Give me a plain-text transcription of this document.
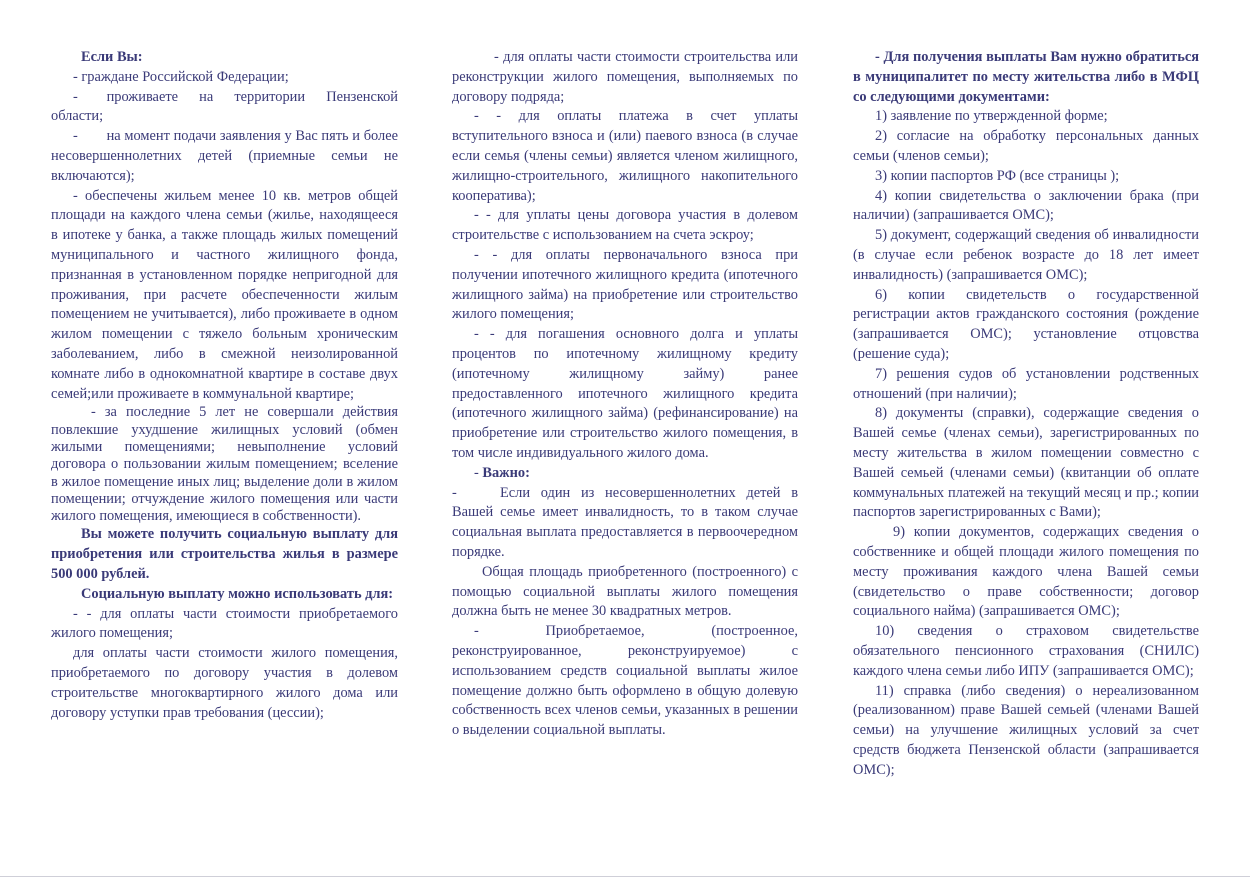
Если Вы:

- граждане Российской Федерации;

-  проживаете на территории Пензенской области;

-  на момент подачи заявления у Вас пять и более несовершеннолетних детей (приемные семьи не включаются);

- обеспечены жильем менее 10 кв. метров общей площади на каждого члена семьи (жилье, находящееся в ипотеке у банка, а также площадь жилых помещений муниципального и частного жилищного фонда, признанная в установленном порядке непригодной для проживания, при расчете обеспеченности жилым помещением не учитывается), либо проживаете в одном жилом помещении с тяжело больным хроническим заболеванием, либо в смежной неизолированной комнате либо в однокомнатной квартире в составе двух семей;или проживаете в коммунальной квартире;

- за последние 5 лет не совершали действия повлекшие ухудшение жилищных условий (обмен жилыми помещениями; невыполнение условий договора о пользовании жилым помещением; вселение в жилое помещение иных лиц; выделение доли в жилом помещении; отчуждение жилого помещения или части жилого помещения, имеющиеся в собственности).

Вы можете получить социальную выплату для приобретения или строительства жилья в размере 500 000 рублей.

Социальную выплату можно использовать для:

- - для оплаты части стоимости приобретаемого жилого помещения;

для оплаты части стоимости жилого помещения, приобретаемого по договору участия в долевом строительстве многоквартирного жилого дома или договору уступки прав требования (цессии);

- для оплаты части стоимости строительства или реконструкции жилого помещения, выполняемых по договору подряда;

- - для оплаты платежа в счет уплаты вступительного взноса и (или) паевого взноса (в случае если семья (члены семьи) является членом жилищного, жилищно-строительного, жилищного накопительного кооператива);

- - для уплаты цены договора участия в долевом строительстве с использованием на счета эскроу;

- - для оплаты первоначального взноса при получении ипотечного жилищного кредита (ипотечного жилищного займа) на приобретение или строительство жилого помещения;

- - для погашения основного долга и уплаты процентов по ипотечному жилищному кредиту (ипотечному жилищному займу) ранее предоставленного ипотечного жилищного кредита (ипотечного жилищного займа) (рефинансирование) на приобретение или строительство жилого помещения, в том числе индивидуального жилого дома.

- Важно:

-   Если один из несовершеннолетних детей в Вашей семье имеет инвалидность, то в таком случае социальная выплата предоставляется в первоочередном порядке.

Общая площадь приобретенного (построенного) с помощью социальной выплаты жилого помещения должна быть не менее 30 квадратных метров.

- Приобретаемое, (построенное, реконструированное, реконструируемое) с использованием средств социальной выплаты жилое помещение должно быть оформлено в общую долевую собственность всех членов семьи, указанных в решении о выделении социальной выплаты.

- Для получения выплаты Вам нужно обратиться в муниципалитет по месту жительства либо в МФЦ со следующими документами:

1) заявление по утвержденной форме;

2) согласие на обработку персональных данных семьи (членов семьи);

3) копии паспортов РФ (все страницы );

4) копии свидетельства о заключении брака (при наличии) (запрашивается ОМС);

5) документ, содержащий сведения об инвалидности (в случае если ребенок возрасте до 18 лет имеет инвалидность) (запрашивается ОМС);

6) копии свидетельств о государственной регистрации актов гражданского состояния (рождение (запрашивается ОМС); установление отцовства (решение суда);

7) решения судов об установлении родственных отношений (при наличии);

8) документы (справки), содержащие сведения о Вашей семье (членах семьи), зарегистрированных по месту жительства в жилом помещении совместно с Вашей семьей (членами семьи) (квитанции об оплате коммунальных платежей на текущий месяц и пр.; копии паспортов зарегистрированных с Вами);

9) копии документов, содержащих сведения о собственнике и общей площади жилого помещения по месту проживания каждого члена Вашей семьи (свидетельство о праве собственности; договор социального найма) (запрашивается ОМС);

10) сведения о страховом свидетельстве обязательного пенсионного страхования (СНИЛС) каждого члена семьи либо ИПУ (запрашивается ОМС);

11) справка (либо сведения) о нереализованном (реализованном) праве Вашей семьей (членами Вашей семьи) на улучшение жилищных условий за счет средств бюджета Пензенской области (запрашивается ОМС);
